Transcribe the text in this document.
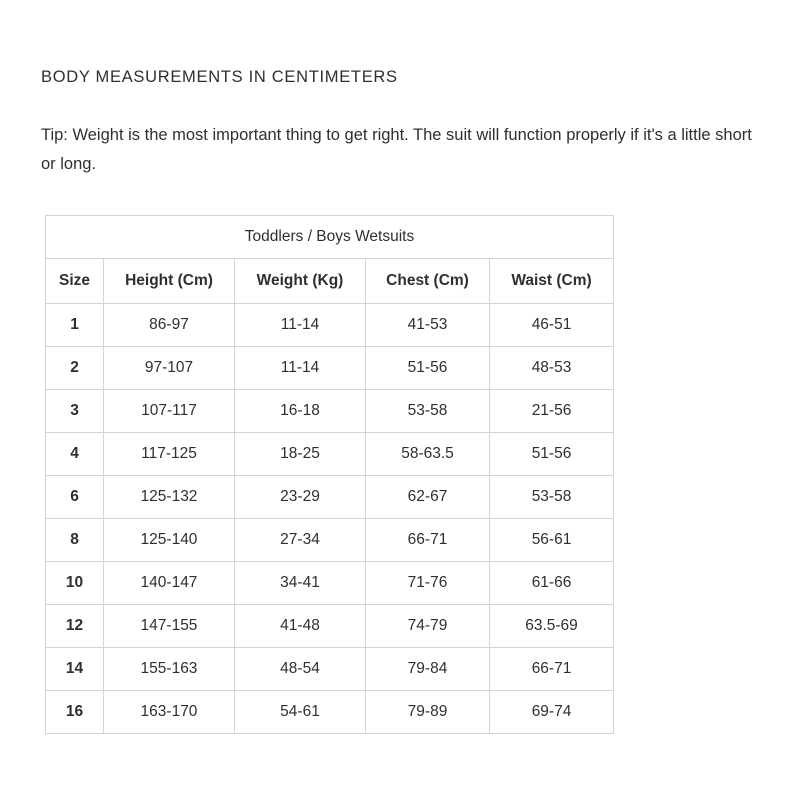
BODY MEASUREMENTS IN CENTIMETERS

Tip: Weight is the most important thing to get right. The suit will function properly if it's a little short or long.

Toddlers / Boys Wetsuits				
Size	Height (Cm)	Weight (Kg)	Chest (Cm)	Waist (Cm)
1	86-97	11-14	41-53	46-51
2	97-107	11-14	51-56	48-53
3	107-117	16-18	53-58	21-56
4	117-125	18-25	58-63.5	51-56
6	125-132	23-29	62-67	53-58
8	125-140	27-34	66-71	56-61
10	140-147	34-41	71-76	61-66
12	147-155	41-48	74-79	63.5-69
14	155-163	48-54	79-84	66-71
16	163-170	54-61	79-89	69-74
